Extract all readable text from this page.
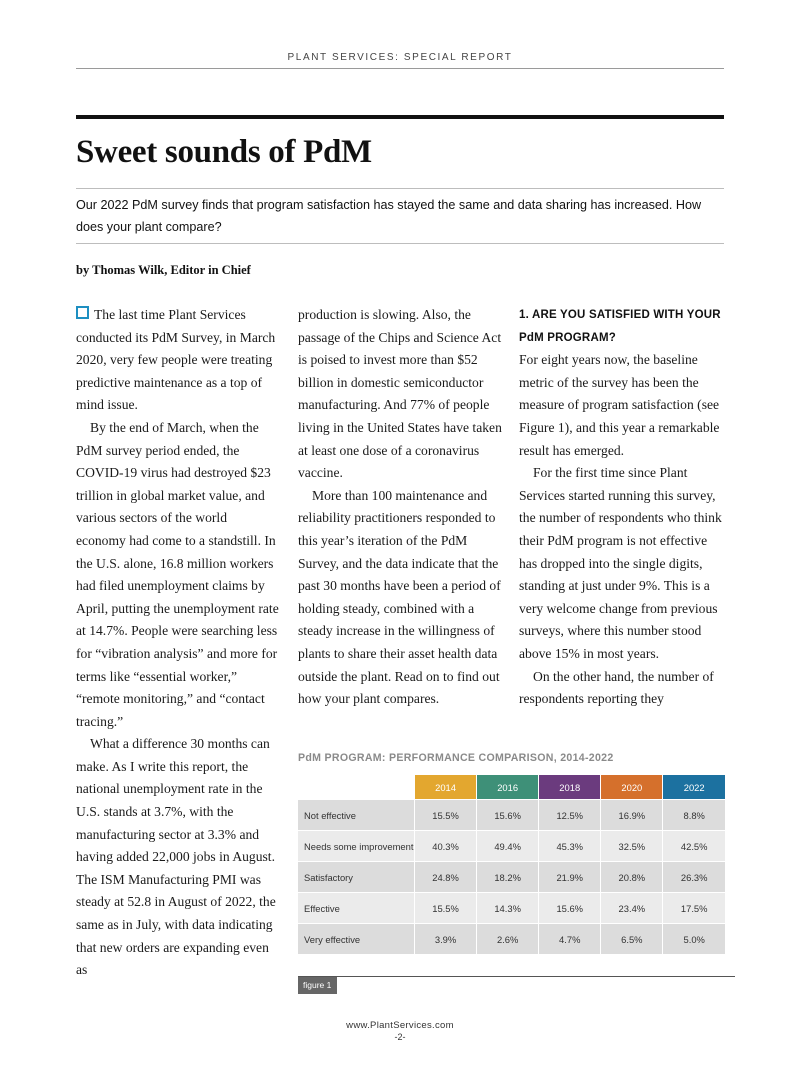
PLANT SERVICES: SPECIAL REPORT
Sweet sounds of PdM
Our 2022 PdM survey finds that program satisfaction has stayed the same and data sharing has increased. How does your plant compare?
by Thomas Wilk, Editor in Chief

The last time Plant Services conducted its PdM Survey, in March 2020, very few people were treating predictive maintenance as a top of mind issue.

By the end of March, when the PdM survey period ended, the COVID-19 virus had destroyed $23 trillion in global market value, and various sectors of the world economy had come to a standstill. In the U.S. alone, 16.8 million workers had filed unemployment claims by April, putting the unemployment rate at 14.7%. People were searching less for “vibration analysis” and more for terms like “essential worker,” “remote monitoring,” and “contact tracing.”

What a difference 30 months can make. As I write this report, the national unemployment rate in the U.S. stands at 3.7%, with the manufacturing sector at 3.3% and having added 22,000 jobs in August. The ISM Manufacturing PMI was steady at 52.8 in August of 2022, the same as in July, with data indicating that new orders are expanding even as

production is slowing. Also, the passage of the Chips and Science Act is poised to invest more than $52 billion in domestic semiconductor manufacturing. And 77% of people living in the United States have taken at least one dose of a coronavirus vaccine.

More than 100 maintenance and reliability practitioners responded to this year’s iteration of the PdM Survey, and the data indicate that the past 30 months have been a period of holding steady, combined with a steady increase in the willingness of plants to share their asset health data outside the plant. Read on to find out how your plant compares.

1. ARE YOU SATISFIED WITH YOUR PdM PROGRAM?

For eight years now, the baseline metric of the survey has been the measure of program satisfaction (see Figure 1), and this year a remarkable result has emerged.

For the first time since Plant Services started running this survey, the number of respondents who think their PdM program is not effective has dropped into the single digits, standing at just under 9%. This is a very welcome change from previous surveys, where this number stood above 15% in most years.

On the other hand, the number of respondents reporting they

PdM PROGRAM: PERFORMANCE COMPARISON, 2014-2022
	2014	2016	2018	2020	2022
Not effective	15.5%	15.6%	12.5%	16.9%	8.8%
Needs some improvement	40.3%	49.4%	45.3%	32.5%	42.5%
Satisfactory	24.8%	18.2%	21.9%	20.8%	26.3%
Effective	15.5%	14.3%	15.6%	23.4%	17.5%
Very effective	3.9%	2.6%	4.7%	6.5%	5.0%
figure 1
www.PlantServices.com
-2-
